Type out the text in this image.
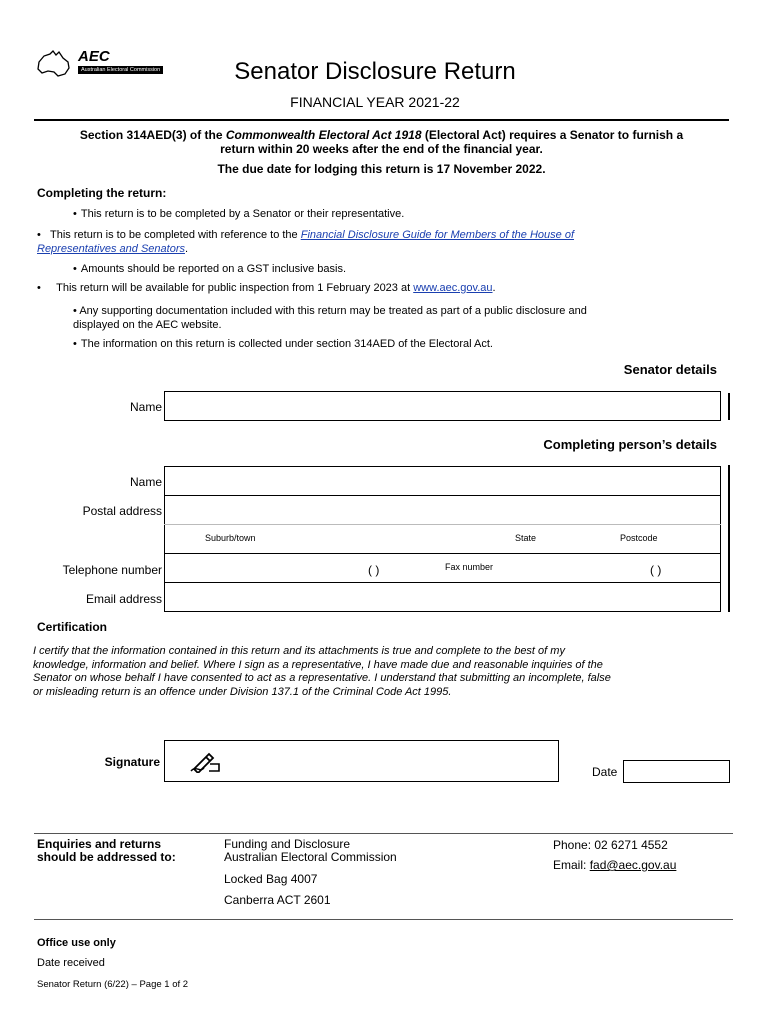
AEC
Australian Electoral Commission	Senator Disclosure Return
FINANCIAL YEAR 2021-22
Section 314AED(3) of the Commonwealth Electoral Act 1918 (Electoral Act) requires a Senator to furnish a
return within 20 weeks after the end of the financial year.
The due date for lodging this return is 17 November 2022.
Completing the return:
• This return is to be completed by a Senator or their representative.
•   This return is to be completed with reference to the Financial Disclosure Guide for Members of the House of
Representatives and Senators.
• Amounts should be reported on a GST inclusive basis.
•     This return will be available for public inspection from 1 February 2023 at www.aec.gov.au.
• Any supporting documentation included with this return may be treated as part of a public disclosure and
displayed on the AEC website.
• The information on this return is collected under section 314AED of the Electoral Act.
Senator details
Name
Completing person’s details
Name
Postal address
Suburb/town	State	Postcode
Telephone number	( )	Fax number	( )
Email address
Certification
I certify that the information contained in this return and its attachments is true and complete to the best of my
knowledge, information and belief. Where I sign as a representative, I have made due and reasonable inquiries of the
Senator on whose behalf I have consented to act as a representative. I understand that submitting an incomplete, false
or misleading return is an offence under Division 137.1 of the Criminal Code Act 1995.
Signature
Date
Enquiries and returns
should be addressed to:
Funding and Disclosure
Australian Electoral Commission
Locked Bag 4007
Canberra ACT 2601
Phone: 02 6271 4552
Email: fad@aec.gov.au
Office use only
Date received
Senator Return (6/22) – Page 1 of 2
